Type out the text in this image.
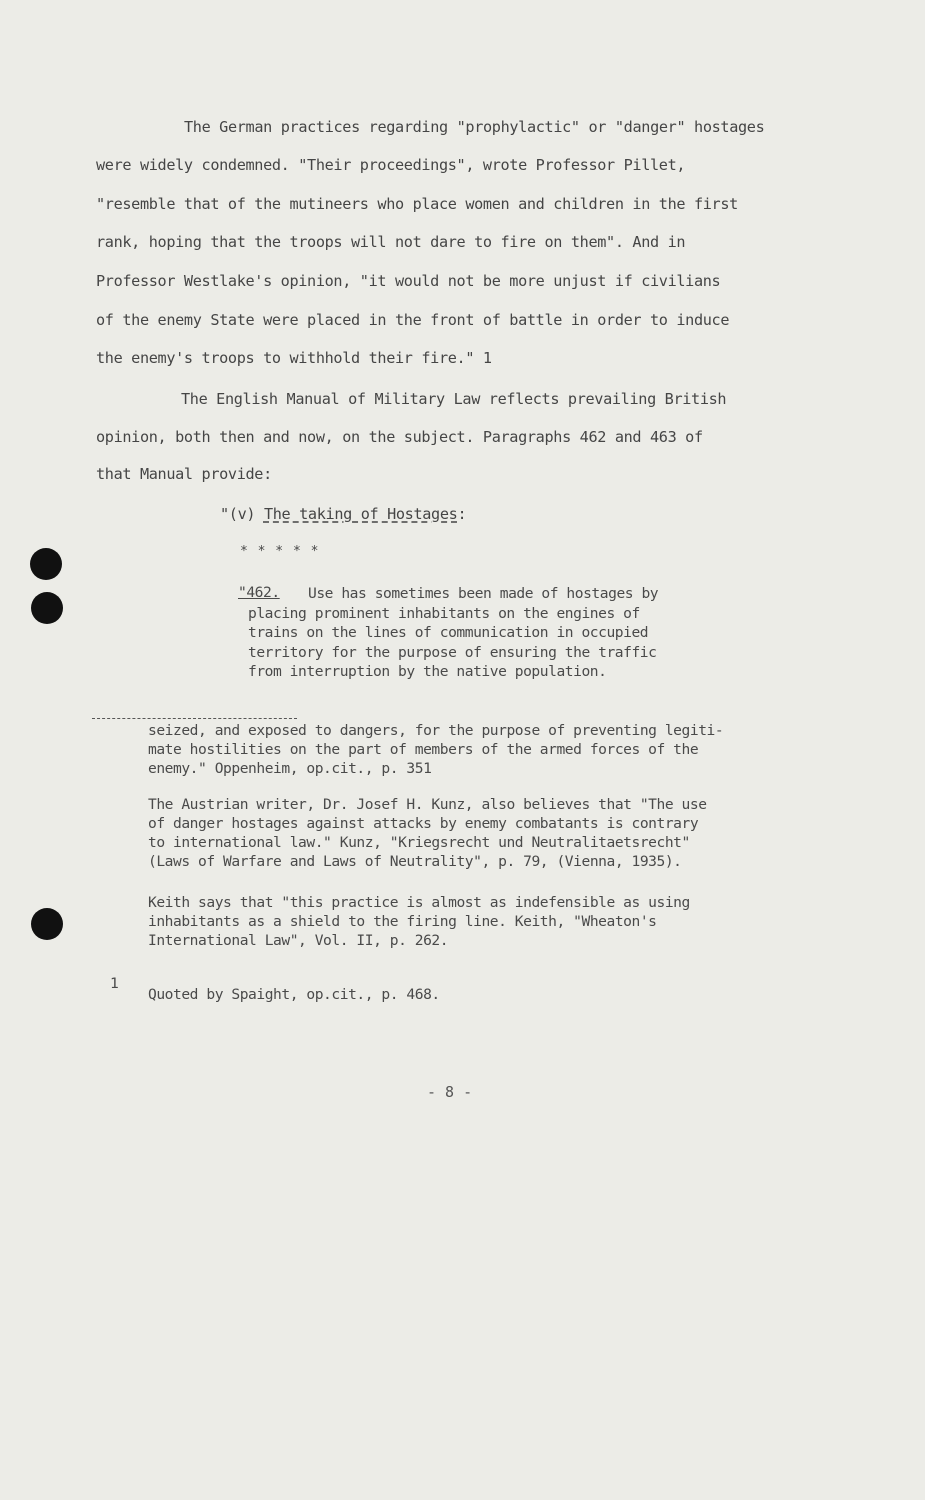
The German practices regarding "prophylactic" or "danger" hostages
were widely condemned. "Their proceedings", wrote Professor Pillet,
"resemble that of the mutineers who place women and children in the first
rank, hoping that the troops will not dare to fire on them". And in
Professor Westlake's opinion, "it would not be more unjust if civilians
of the enemy State were placed in the front of battle in order to induce
the enemy's troops to withhold their fire." 1
The English Manual of Military Law reflects prevailing British
opinion, both then and now, on the subject. Paragraphs 462 and 463 of
that Manual provide:
"(v) The taking of Hostages:
* * * * *
"462. Use has sometimes been made of hostages by
placing prominent inhabitants on the engines of
trains on the lines of communication in occupied
territory for the purpose of ensuring the traffic
from interruption by the native population.
seized, and exposed to dangers, for the purpose of preventing legiti-
mate hostilities on the part of members of the armed forces of the
enemy." Oppenheim, op.cit., p. 351
The Austrian writer, Dr. Josef H. Kunz, also believes that "The use
of danger hostages against attacks by enemy combatants is contrary
to international law." Kunz, "Kriegsrecht und Neutralitaetsrecht"
(Laws of Warfare and Laws of Neutrality", p. 79, (Vienna, 1935).
Keith says that "this practice is almost as indefensible as using
inhabitants as a shield to the firing line. Keith, "Wheaton's
International Law", Vol. II, p. 262.
1
Quoted by Spaight, op.cit., p. 468.
- 8 -
